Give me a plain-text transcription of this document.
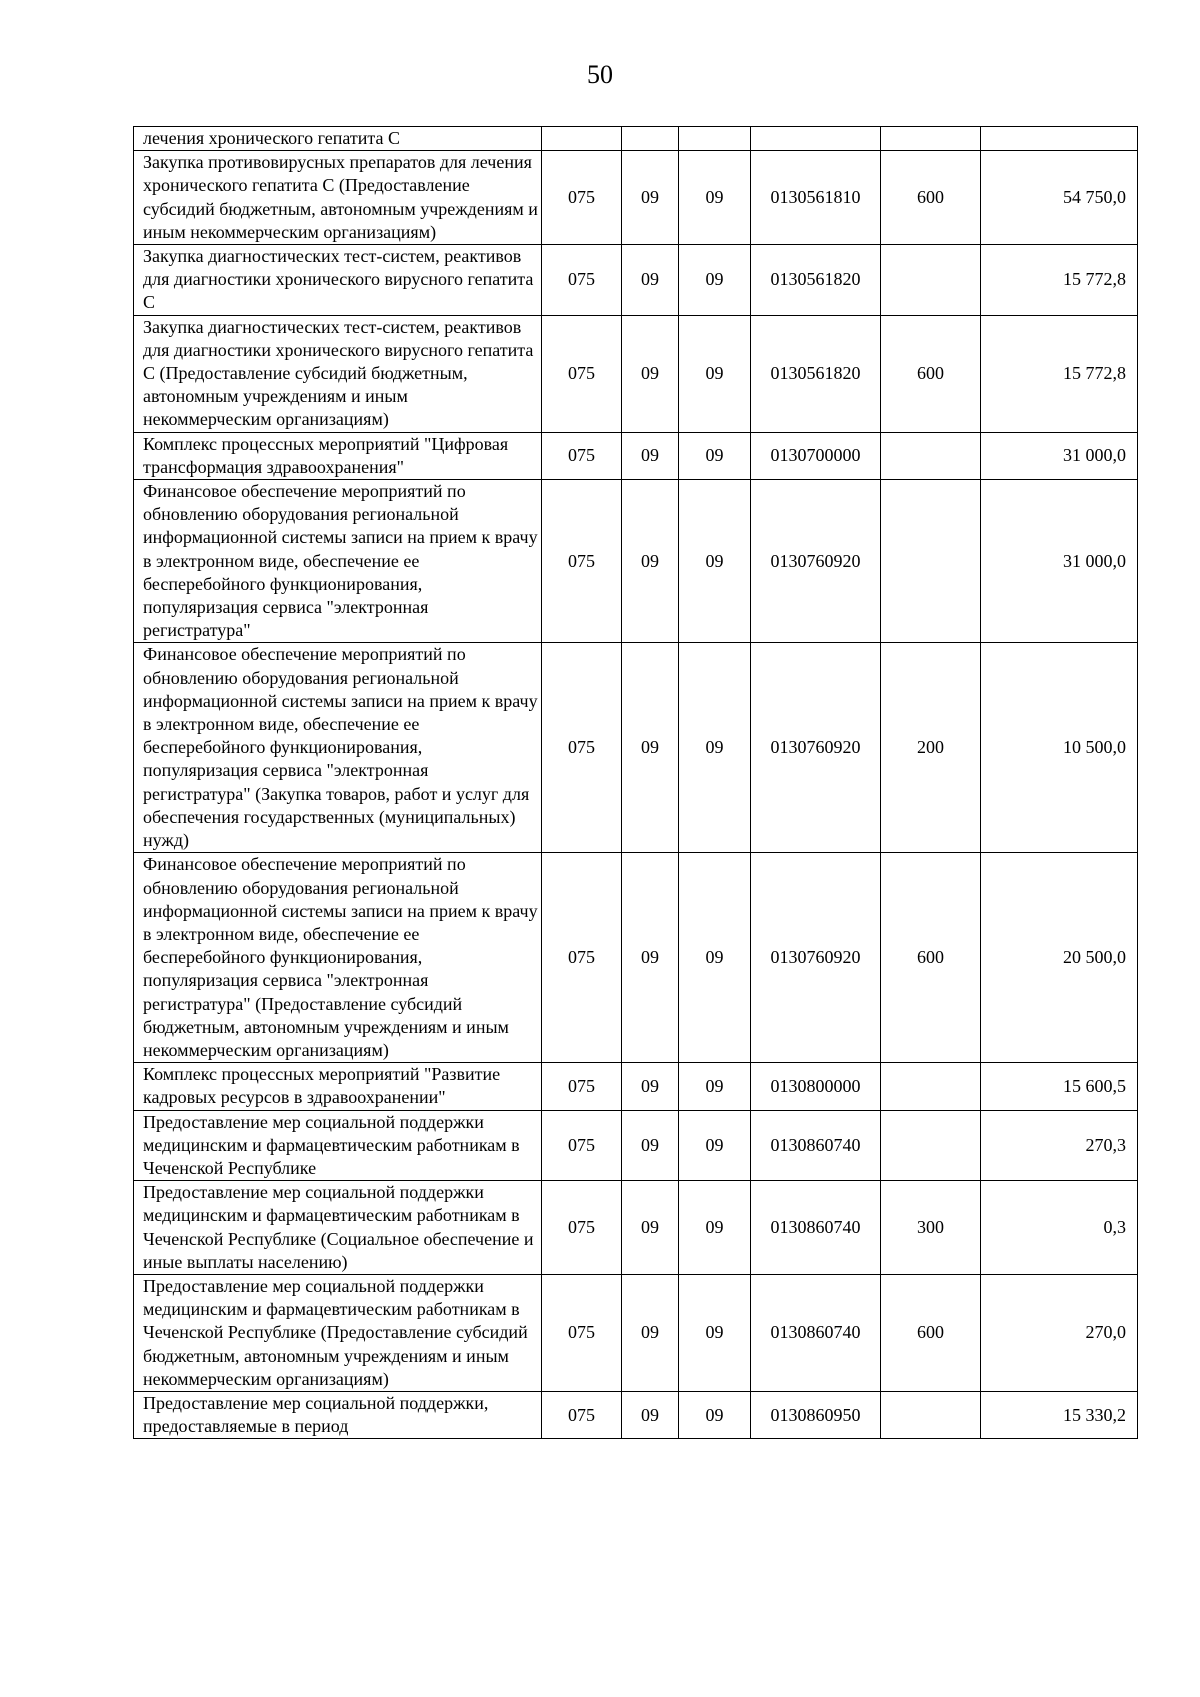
50
лечения хронического гепатита С						
Закупка противовирусных препаратов для лечения хронического гепатита С (Предоставление субсидий бюджетным, автономным учреждениям и иным некоммерческим организациям)	075	09	09	0130561810	600	54 750,0
Закупка диагностических тест-систем, реактивов для диагностики хронического вирусного гепатита С	075	09	09	0130561820		15 772,8
Закупка диагностических тест-систем, реактивов для диагностики хронического вирусного гепатита С (Предоставление субсидий бюджетным, автономным учреждениям и иным некоммерческим организациям)	075	09	09	0130561820	600	15 772,8
Комплекс процессных мероприятий "Цифровая трансформация здравоохранения"	075	09	09	0130700000		31 000,0
Финансовое обеспечение мероприятий по обновлению оборудования региональной информационной системы записи на прием к врачу в электронном виде, обеспечение ее бесперебойного функционирования, популяризация сервиса "электронная регистратура"	075	09	09	0130760920		31 000,0
Финансовое обеспечение мероприятий по обновлению оборудования региональной информационной системы записи на прием к врачу в электронном виде, обеспечение ее бесперебойного функционирования, популяризация сервиса "электронная регистратура" (Закупка товаров, работ и услуг для обеспечения государственных (муниципальных) нужд)	075	09	09	0130760920	200	10 500,0
Финансовое обеспечение мероприятий по обновлению оборудования региональной информационной системы записи на прием к врачу в электронном виде, обеспечение ее бесперебойного функционирования, популяризация сервиса "электронная регистратура" (Предоставление субсидий бюджетным, автономным учреждениям и иным некоммерческим организациям)	075	09	09	0130760920	600	20 500,0
Комплекс процессных мероприятий "Развитие кадровых ресурсов в здравоохранении"	075	09	09	0130800000		15 600,5
Предоставление мер социальной поддержки медицинским и фармацевтическим работникам в Чеченской Республике	075	09	09	0130860740		270,3
Предоставление мер социальной поддержки медицинским и фармацевтическим работникам в Чеченской Республике (Социальное обеспечение и иные выплаты населению)	075	09	09	0130860740	300	0,3
Предоставление мер социальной поддержки медицинским и фармацевтическим работникам в Чеченской Республике (Предоставление субсидий бюджетным, автономным учреждениям и иным некоммерческим организациям)	075	09	09	0130860740	600	270,0
Предоставление мер социальной поддержки, предоставляемые в период	075	09	09	0130860950		15 330,2
